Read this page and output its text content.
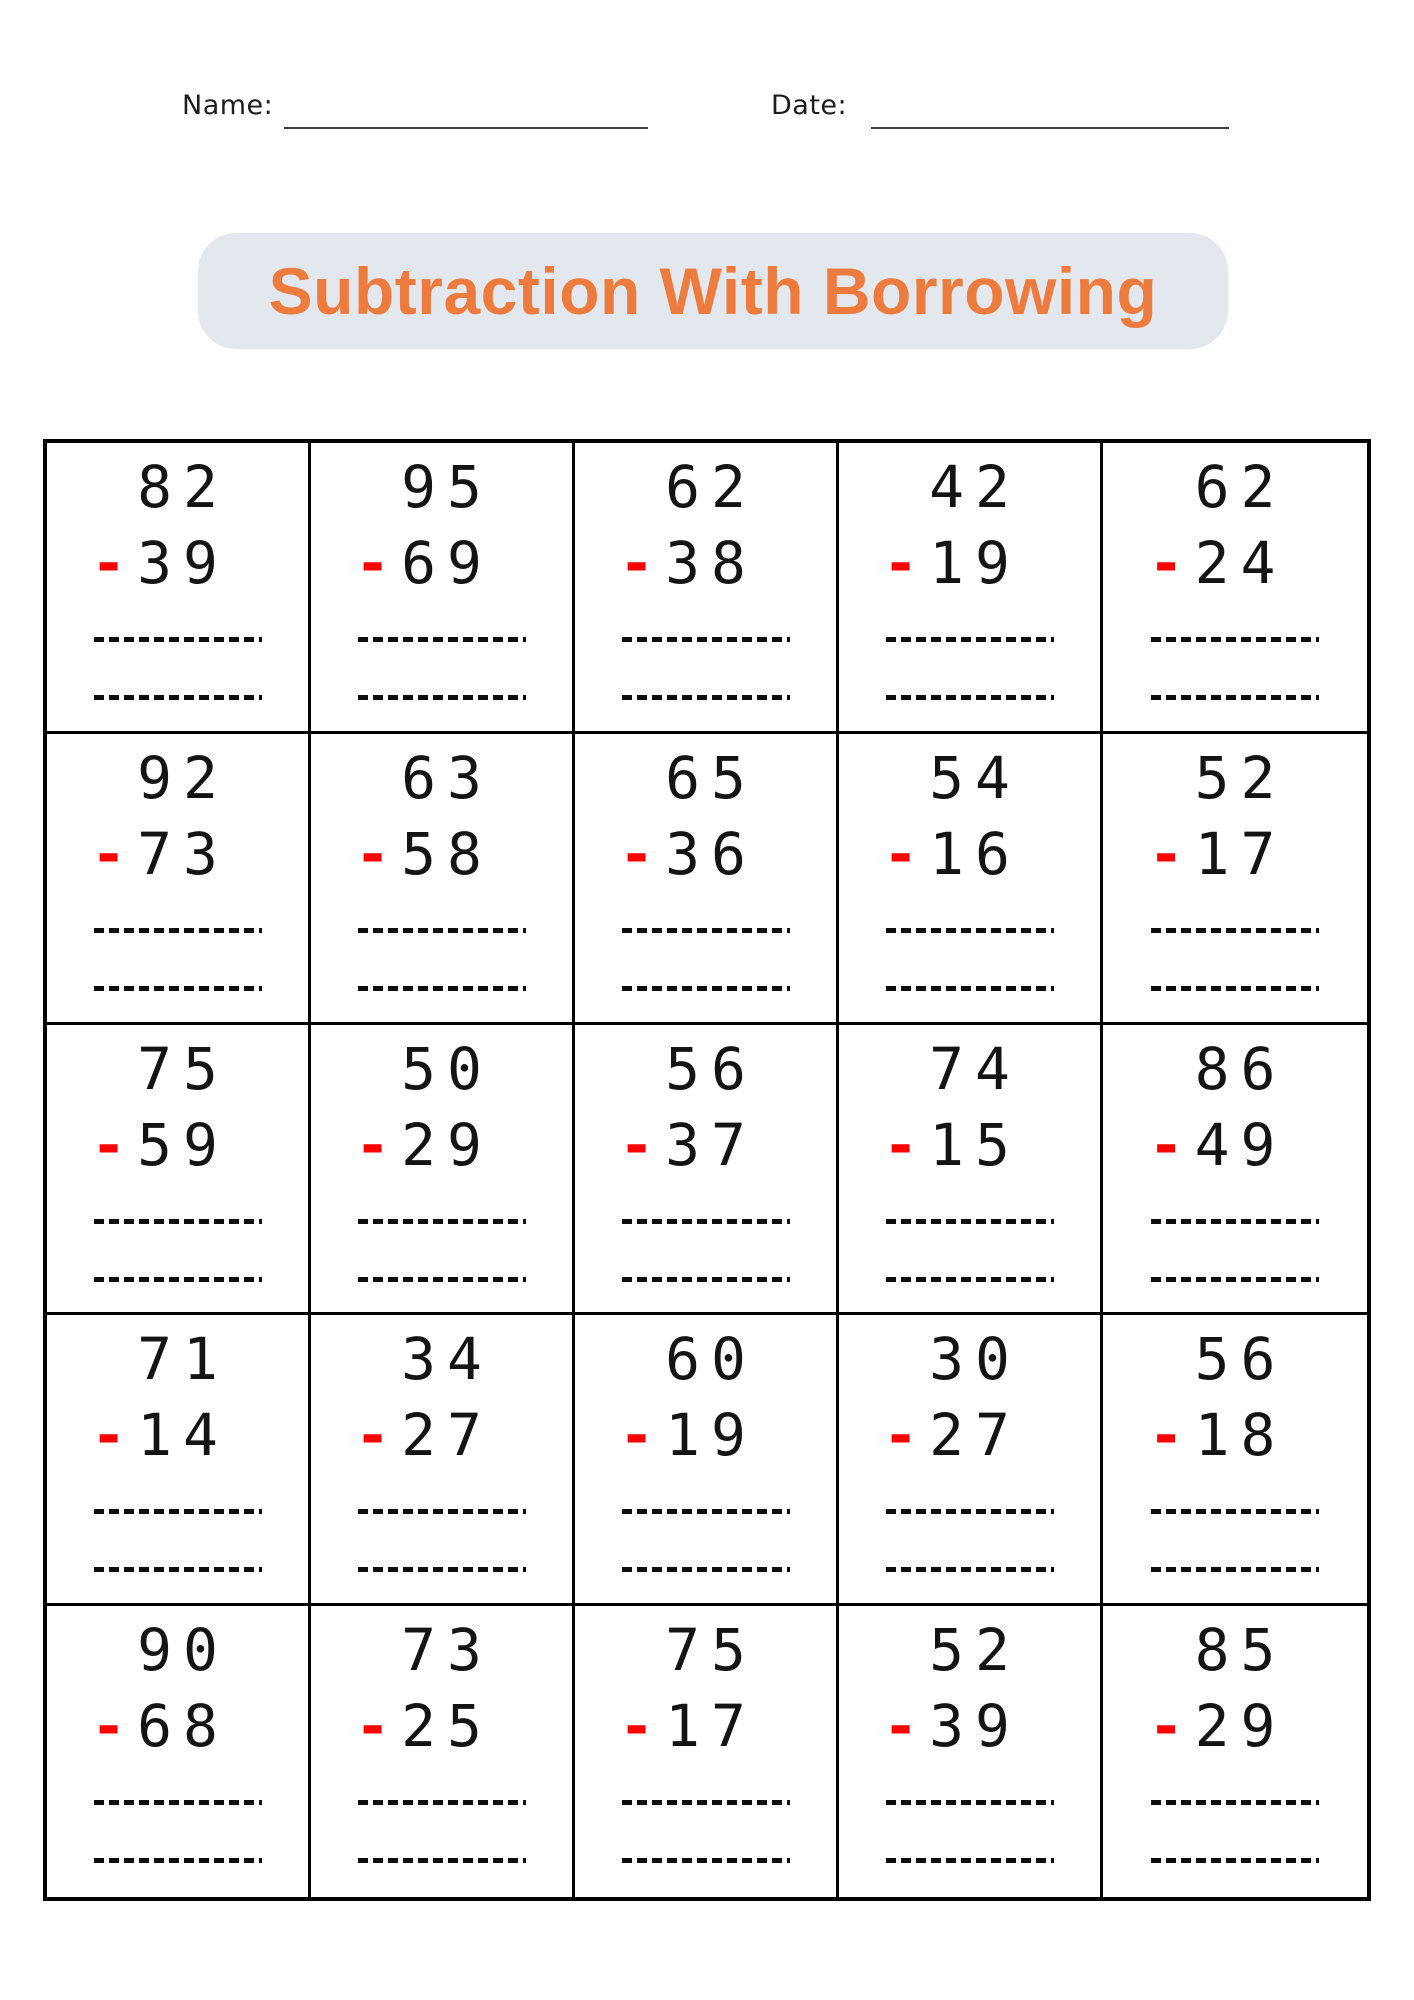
Name:	Date:
Subtraction With Borrowing
82
- 39
95
- 69
62
- 38
42
- 19
62
- 24
92
- 73
63
- 58
65
- 36
54
- 16
52
- 17
75
- 59
50
- 29
56
- 37
74
- 15
86
- 49
71
- 14
34
- 27
60
- 19
30
- 27
56
- 18
90
- 68
73
- 25
75
- 17
52
- 39
85
- 29
